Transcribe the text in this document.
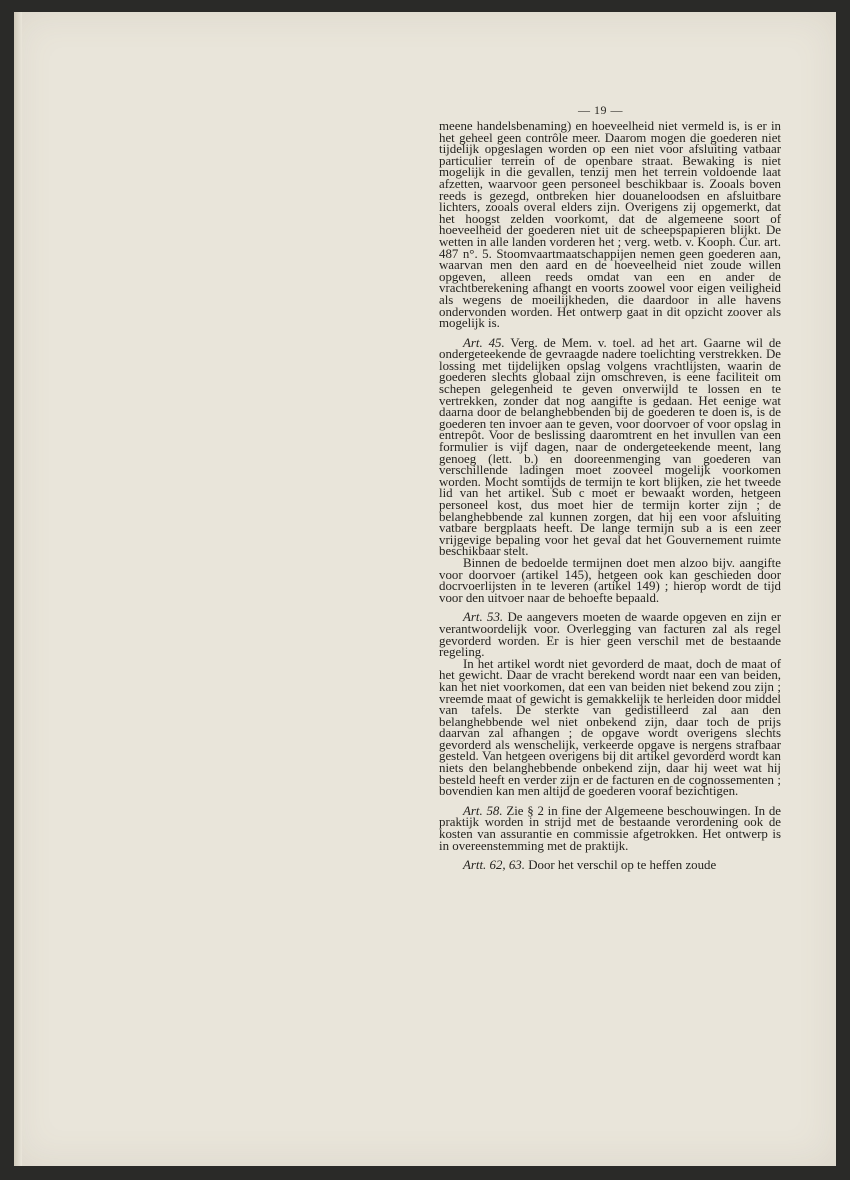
— 19 —

meene handelsbenaming) en hoeveelheid niet vermeld is, is er in het geheel geen contrôle meer. Daarom mogen die goederen niet tijdelijk opgeslagen worden op een niet voor afsluiting vatbaar particulier terrein of de openbare straat. Bewaking is niet mogelijk in die gevallen, tenzij men het terrein voldoende laat afzetten, waarvoor geen personeel beschikbaar is. Zooals boven reeds is gezegd, ontbreken hier douaneloodsen en afsluitbare lichters, zooals overal elders zijn. Overigens zij opgemerkt, dat het hoogst zelden voorkomt, dat de algemeene soort of hoeveelheid der goederen niet uit de scheepspapieren blijkt. De wetten in alle landen vorderen het ; verg. wetb. v. Kooph. Cur. art. 487 n°. 5. Stoomvaartmaatschappijen nemen geen goederen aan, waarvan men den aard en de hoeveelheid niet zoude willen opgeven, alleen reeds omdat van een en ander de vrachtberekening afhangt en voorts zoowel voor eigen veiligheid als wegens de moeilijkheden, die daardoor in alle havens ondervonden worden. Het ontwerp gaat in dit opzicht zoover als mogelijk is.

Art. 45. Verg. de Mem. v. toel. ad het art. Gaarne wil de ondergeteekende de gevraagde nadere toelichting verstrekken. De lossing met tijdelijken opslag volgens vrachtlijsten, waarin de goederen slechts globaal zijn omschreven, is eene faciliteit om schepen gelegenheid te geven onverwijld te lossen en te vertrekken, zonder dat nog aangifte is gedaan. Het eenige wat daarna door de belanghebbenden bij de goederen te doen is, is de goederen ten invoer aan te geven, voor doorvoer of voor opslag in entrepôt. Voor de beslissing daaromtrent en het invullen van een formulier is vijf dagen, naar de ondergeteekende meent, lang genoeg (lett. b.) en dooreenmenging van goederen van verschillende ladingen moet zooveel mogelijk voorkomen worden. Mocht somtijds de termijn te kort blijken, zie het tweede lid van het artikel. Sub c moet er bewaakt worden, hetgeen personeel kost, dus moet hier de termijn korter zijn ; de belanghebbende zal kunnen zorgen, dat hij een voor afsluiting vatbare bergplaats heeft. De lange termijn sub a is een zeer vrijgevige bepaling voor het geval dat het Gouvernement ruimte beschikbaar stelt.

Binnen de bedoelde termijnen doet men alzoo bijv. aangifte voor doorvoer (artikel 145), hetgeen ook kan geschieden door docrvoerlijsten in te leveren (artikel 149) ; hierop wordt de tijd voor den uitvoer naar de behoefte bepaald.

Art. 53. De aangevers moeten de waarde opgeven en zijn er verantwoordelijk voor. Overlegging van facturen zal als regel gevorderd worden. Er is hier geen verschil met de bestaande regeling.

In het artikel wordt niet gevorderd de maat, doch de maat of het gewicht. Daar de vracht berekend wordt naar een van beiden, kan het niet voorkomen, dat een van beiden niet bekend zou zijn ; vreemde maat of gewicht is gemakkelijk te herleiden door middel van tafels. De sterkte van gedistilleerd zal aan den belanghebbende wel niet onbekend zijn, daar toch de prijs daarvan zal afhangen ; de opgave wordt overigens slechts gevorderd als wenschelijk, verkeerde opgave is nergens strafbaar gesteld. Van hetgeen overigens bij dit artikel gevorderd wordt kan niets den belanghebbende onbekend zijn, daar hij weet wat hij besteld heeft en verder zijn er de facturen en de cognossementen ; bovendien kan men altijd de goederen vooraf bezichtigen.

Art. 58. Zie § 2 in fine der Algemeene beschouwingen. In de praktijk worden in strijd met de bestaande verordening ook de kosten van assurantie en commissie afgetrokken. Het ontwerp is in overeenstemming met de praktijk.

Artt. 62, 63. Door het verschil op te heffen zoude
